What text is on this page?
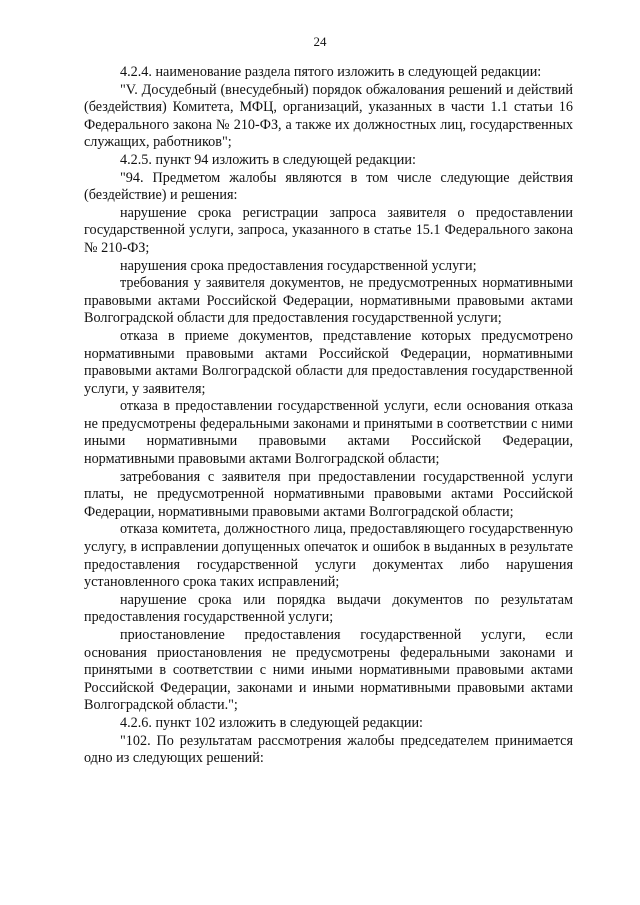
24

4.2.4. наименование раздела пятого изложить в следующей редакции:

"V. Досудебный (внесудебный) порядок обжалования решений и действий (бездействия) Комитета, МФЦ, организаций, указанных в части 1.1 статьи 16 Федерального закона № 210-ФЗ, а также их должностных лиц, государственных служащих, работников";

4.2.5. пункт 94 изложить в следующей редакции:

"94. Предметом жалобы являются в том числе следующие действия (бездействие) и решения:

нарушение срока регистрации запроса заявителя о предоставлении государственной услуги, запроса, указанного в статье 15.1 Федерального закона № 210-ФЗ;

нарушения срока предоставления государственной услуги;

требования у заявителя документов, не предусмотренных нормативными правовыми актами Российской Федерации, нормативными правовыми актами Волгоградской области для предоставления государственной услуги;

отказа в приеме документов, представление которых предусмотрено нормативными правовыми актами Российской Федерации, нормативными правовыми актами Волгоградской области для предоставления государственной услуги, у заявителя;

отказа в предоставлении государственной услуги, если основания отказа не предусмотрены федеральными законами и принятыми в соответствии с ними иными нормативными правовыми актами Российской Федерации, нормативными правовыми актами Волгоградской области;

затребования с заявителя при предоставлении государственной услуги платы, не предусмотренной нормативными правовыми актами Российской Федерации, нормативными правовыми актами Волгоградской области;

отказа комитета, должностного лица, предоставляющего государственную услугу, в исправлении допущенных опечаток и ошибок в выданных в результате предоставления государственной услуги документах либо нарушения установленного срока таких исправлений;

нарушение срока или порядка выдачи документов по результатам предоставления государственной услуги;

приостановление предоставления государственной услуги, если основания приостановления не предусмотрены федеральными законами и принятыми в соответствии с ними иными нормативными правовыми актами Российской Федерации, законами и иными нормативными правовыми актами Волгоградской области.";

4.2.6. пункт 102 изложить в следующей редакции:

"102. По результатам рассмотрения жалобы председателем принимается одно из следующих решений:
